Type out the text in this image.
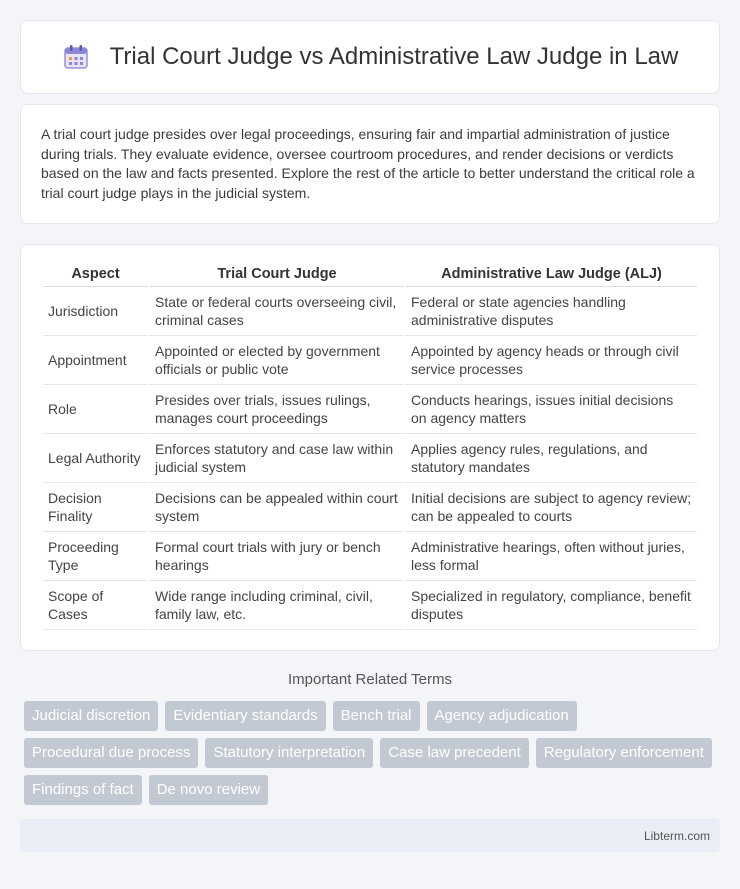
Trial Court Judge vs Administrative Law Judge in Law

A trial court judge presides over legal proceedings, ensuring fair and impartial administration of justice during trials. They evaluate evidence, oversee courtroom procedures, and render decisions or verdicts based on the law and facts presented. Explore the rest of the article to better understand the critical role a trial court judge plays in the judicial system.

Aspect	Trial Court Judge	Administrative Law Judge (ALJ)
Jurisdiction	State or federal courts overseeing civil, criminal cases	Federal or state agencies handling administrative disputes
Appointment	Appointed or elected by government officials or public vote	Appointed by agency heads or through civil service processes
Role	Presides over trials, issues rulings, manages court proceedings	Conducts hearings, issues initial decisions on agency matters
Legal Authority	Enforces statutory and case law within judicial system	Applies agency rules, regulations, and statutory mandates
Decision Finality	Decisions can be appealed within court system	Initial decisions are subject to agency review; can be appealed to courts
Proceeding Type	Formal court trials with jury or bench hearings	Administrative hearings, often without juries, less formal
Scope of Cases	Wide range including criminal, civil, family law, etc.	Specialized in regulatory, compliance, benefit disputes
Important Related Terms
Judicial discretion	Evidentiary standards	Bench trial	Agency adjudication
Procedural due process	Statutory interpretation	Case law precedent	Regulatory enforcement
Findings of fact	De novo review
Libterm.com
